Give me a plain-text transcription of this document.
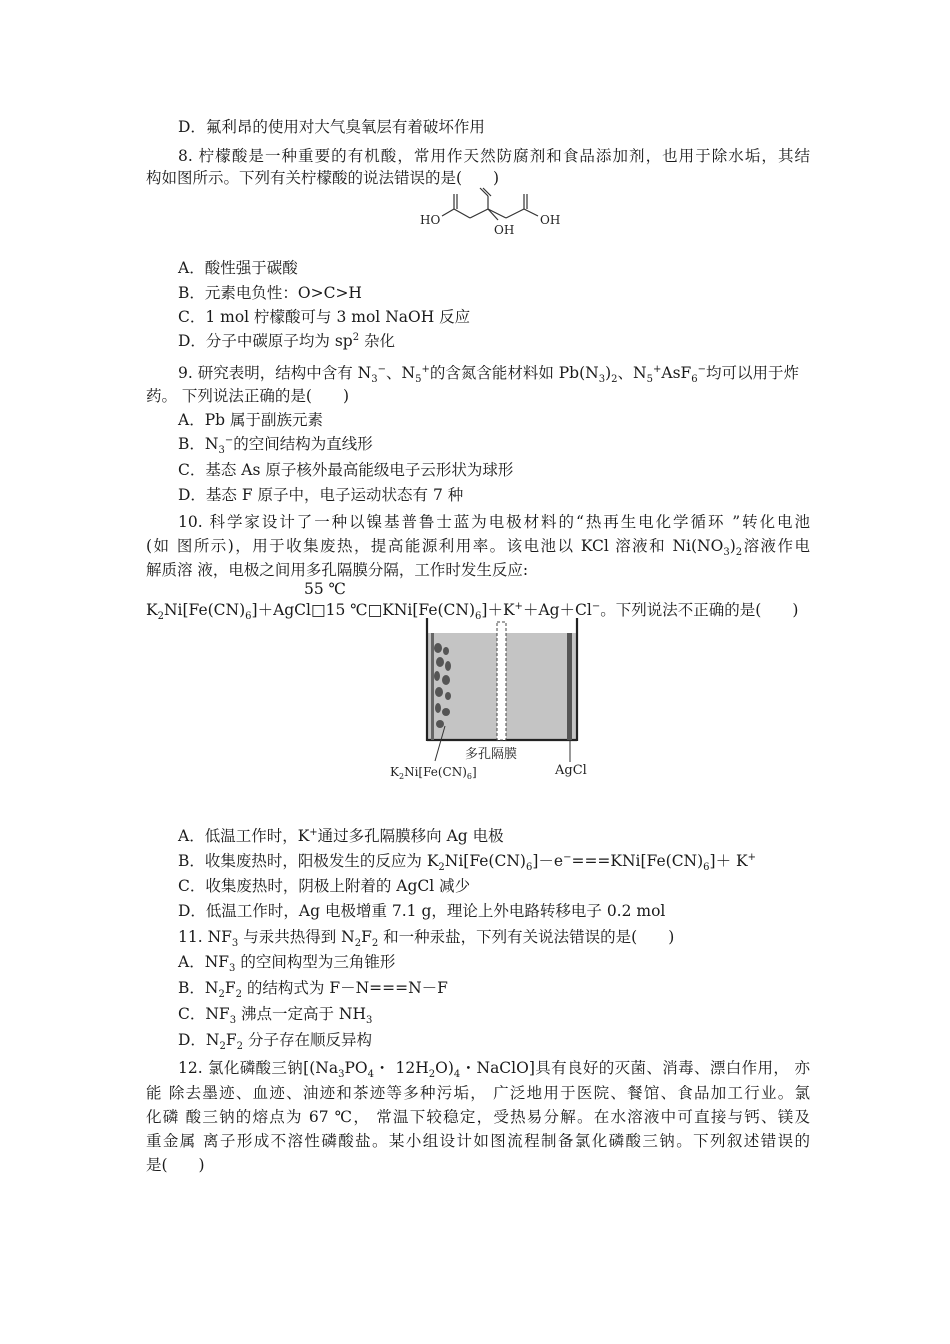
D．氟利昂的使用对大气臭氧层有着破坏作用
8. 柠檬酸是一种重要的有机酸，常用作天然防腐剂和食品添加剂，也用于除水垢，其结
构如图所示。下列有关柠檬酸的说法错误的是(　　)
HO
OH
OH
A．酸性强于碳酸
B．元素电负性：O>C>H
C．1 mol 柠檬酸可与 3 mol NaOH 反应
D．分子中碳原子均为 $sp^2$ 杂化
9. 研究表明，结构中含有 $N_3^-$、$N_5^+$的含氮含能材料如 $Pb(N_3)_2$、$N_5^+AsF_6^-$均可以用于炸
药。 下列说法正确的是(　　)
A．Pb 属于副族元素
B．$N_3^-$的空间结构为直线形
C．基态 As 原子核外最高能级电子云形状为球形
D．基态 F 原子中，电子运动状态有 7 种
10. 科学家设计了一种以镍基普鲁士蓝为电极材料的“热再生电化学循环 ”转化电池
(如 图所示)，用于收集废热，提高能源利用率。该电池以 KCl 溶液和 $Ni(NO_3)_2$溶液作电
解质溶 液，电极之间用多孔隔膜分隔，工作时发生反应:
55 ℃
$K_2Ni[Fe(CN)_6]+AgCl□15$ $℃□KNi[Fe(CN)_6]+K^++Ag+Cl^-$。下列说法不正确的是(　　)
多孔隔膜
$K_2Ni[Fe(CN)_6]$	AgCl
A．低温工作时，K+通过多孔隔膜移向 Ag 电极
B．收集废热时，阳极发生的反应为 $K_2Ni[Fe(CN)_6]-e^-===KNi[Fe(CN)_6]+ K^+$
C．收集废热时，阴极上附着的 AgCl 减少
D．低温工作时，Ag 电极增重 7.1 g，理论上外电路转移电子 0.2 mol
11. $NF_3$ 与汞共热得到 $N_2F_2$ 和一种汞盐，下列有关说法错误的是(　　)
A．$NF_3$ 的空间构型为三角锥形
B．$N_2F_2$ 的结构式为 F－N===N－F
C．$NF_3$ 沸点一定高于 $NH_3$
D．$N_2F_2$ 分子存在顺反异构
12. 氯化磷酸三钠[($Na_3PO_4$・ $12H_2O)_4$・NaClO]具有良好的灭菌、消毒、漂白作用， 亦
能 除去墨迹、血迹、油迹和茶迹等多种污垢， 广泛地用于医院、餐馆、食品加工行业。氯
化磷 酸三钠的熔点为 67 ℃， 常温下较稳定，受热易分解。在水溶液中可直接与钙、镁及
重金属 离子形成不溶性磷酸盐。某小组设计如图流程制备氯化磷酸三钠。下列叙述错误的
是(　　)
